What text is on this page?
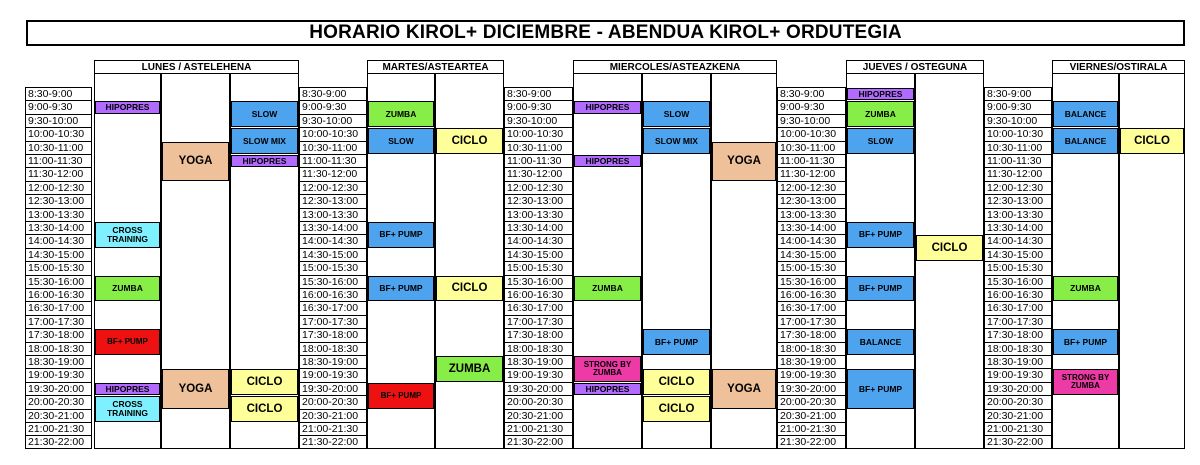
HORARIO KIROL+ DICIEMBRE - ABENDUA KIROL+ ORDUTEGIA
LUNES / ASTELEHENA
8:30-9:00
9:00-9:30
9:30-10:00
10:00-10:30
10:30-11:00
11:00-11:30
11:30-12:00
12:00-12:30
12:30-13:00
13:00-13:30
13:30-14:00
14:00-14:30
14:30-15:00
15:00-15:30
15:30-16:00
16:00-16:30
16:30-17:00
17:00-17:30
17:30-18:00
18:00-18:30
18:30-19:00
19:00-19:30
19:30-20:00
20:00-20:30
20:30-21:00
21:00-21:30
21:30-22:00
HIPOPRES
CROSS TRAINING
ZUMBA
BF+ PUMP
HIPOPRES
CROSS TRAINING
YOGA
YOGA
SLOW
SLOW MIX
HIPOPRES
CICLO
CICLO
MARTES/ASTEARTEA
8:30-9:00
9:00-9:30
9:30-10:00
10:00-10:30
10:30-11:00
11:00-11:30
11:30-12:00
12:00-12:30
12:30-13:00
13:00-13:30
13:30-14:00
14:00-14:30
14:30-15:00
15:00-15:30
15:30-16:00
16:00-16:30
16:30-17:00
17:00-17:30
17:30-18:00
18:00-18:30
18:30-19:00
19:00-19:30
19:30-20:00
20:00-20:30
20:30-21:00
21:00-21:30
21:30-22:00
ZUMBA
SLOW
BF+ PUMP
BF+ PUMP
BF+ PUMP
CICLO
CICLO
ZUMBA
MIERCOLES/ASTEAZKENA
8:30-9:00
9:00-9:30
9:30-10:00
10:00-10:30
10:30-11:00
11:00-11:30
11:30-12:00
12:00-12:30
12:30-13:00
13:00-13:30
13:30-14:00
14:00-14:30
14:30-15:00
15:00-15:30
15:30-16:00
16:00-16:30
16:30-17:00
17:00-17:30
17:30-18:00
18:00-18:30
18:30-19:00
19:00-19:30
19:30-20:00
20:00-20:30
20:30-21:00
21:00-21:30
21:30-22:00
HIPOPRES
HIPOPRES
ZUMBA
STRONG BY ZUMBA
HIPOPRES
SLOW
SLOW MIX
BF+ PUMP
CICLO
CICLO
YOGA
YOGA
JUEVES / OSTEGUNA
8:30-9:00
9:00-9:30
9:30-10:00
10:00-10:30
10:30-11:00
11:00-11:30
11:30-12:00
12:00-12:30
12:30-13:00
13:00-13:30
13:30-14:00
14:00-14:30
14:30-15:00
15:00-15:30
15:30-16:00
16:00-16:30
16:30-17:00
17:00-17:30
17:30-18:00
18:00-18:30
18:30-19:00
19:00-19:30
19:30-20:00
20:00-20:30
20:30-21:00
21:00-21:30
21:30-22:00
HIPOPRES
ZUMBA
SLOW
BF+ PUMP
BF+ PUMP
BALANCE
BF+ PUMP
CICLO
VIERNES/OSTIRALA
8:30-9:00
9:00-9:30
9:30-10:00
10:00-10:30
10:30-11:00
11:00-11:30
11:30-12:00
12:00-12:30
12:30-13:00
13:00-13:30
13:30-14:00
14:00-14:30
14:30-15:00
15:00-15:30
15:30-16:00
16:00-16:30
16:30-17:00
17:00-17:30
17:30-18:00
18:00-18:30
18:30-19:00
19:00-19:30
19:30-20:00
20:00-20:30
20:30-21:00
21:00-21:30
21:30-22:00
BALANCE
BALANCE
ZUMBA
BF+ PUMP
STRONG BY ZUMBA
CICLO
